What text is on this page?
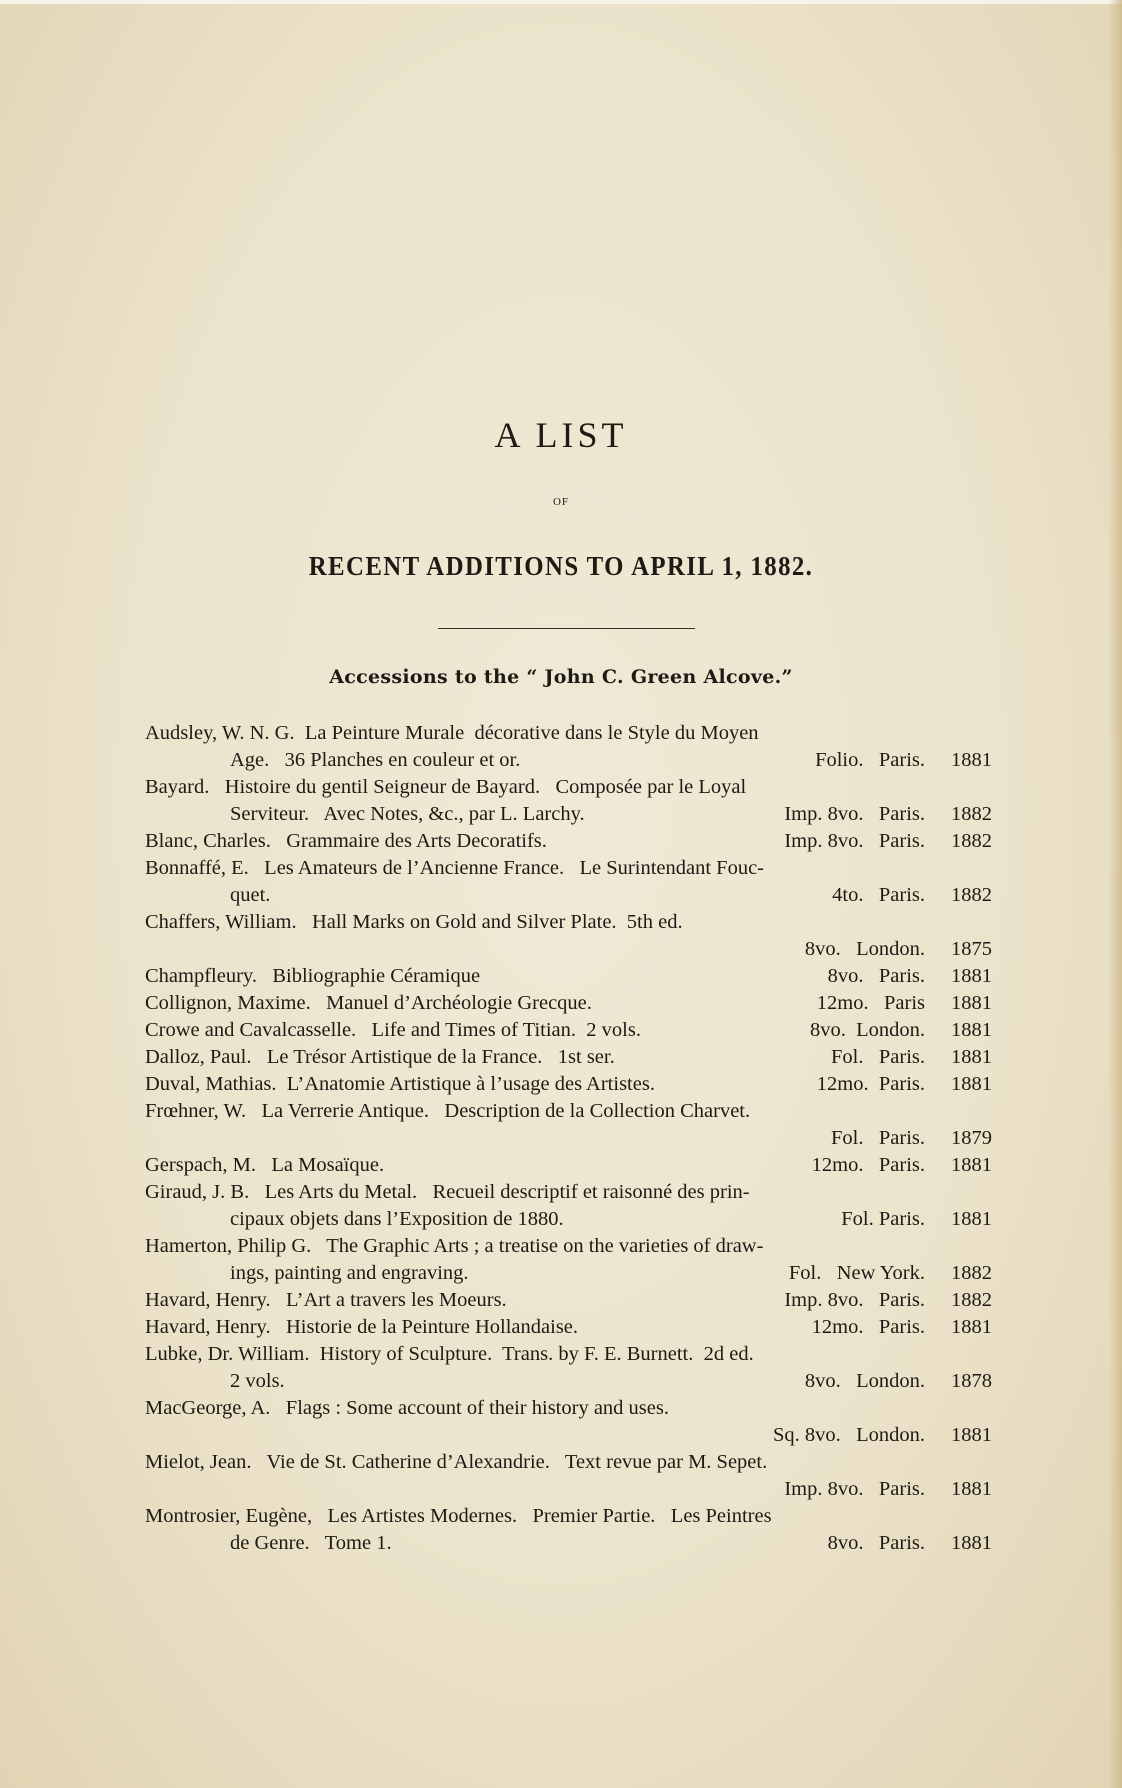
A LIST
OF
RECENT ADDITIONS TO APRIL 1, 1882.
Accessions to the “ John C. Green Alcove.”
Audsley, W. N. G.  La Peinture Murale  décorative dans le Style du Moyen
Age.   36 Planches en couleur et or.	Folio.   Paris. 1881
Bayard.   Histoire du gentil Seigneur de Bayard.   Composée par le Loyal
Serviteur.   Avec Notes, &c., par L. Larchy.	Imp. 8vo.   Paris. 1882
Blanc, Charles.   Grammaire des Arts Decoratifs.	Imp. 8vo.   Paris. 1882
Bonnaffé, E.   Les Amateurs de l’Ancienne France.   Le Surintendant Fouc-
quet.	4to.   Paris. 1882
Chaffers, William.   Hall Marks on Gold and Silver Plate.  5th ed.
8vo.   London. 1875
Champfleury.   Bibliographie Céramique	8vo.   Paris. 1881
Collignon, Maxime.   Manuel d’Archéologie Grecque.	12mo.   Paris 1881
Crowe and Cavalcasselle.   Life and Times of Titian.  2 vols.	8vo.  London. 1881
Dalloz, Paul.   Le Trésor Artistique de la France.   1st ser.	Fol.   Paris. 1881
Duval, Mathias.  L’Anatomie Artistique à l’usage des Artistes.	12mo.  Paris. 1881
Frœhner, W.   La Verrerie Antique.   Description de la Collection Charvet.
Fol.   Paris. 1879
Gerspach, M.   La Mosaïque.	12mo.   Paris. 1881
Giraud, J. B.   Les Arts du Metal.   Recueil descriptif et raisonné des prin-
cipaux objets dans l’Exposition de 1880.	Fol. Paris. 1881
Hamerton, Philip G.   The Graphic Arts ; a treatise on the varieties of draw-
ings, painting and engraving.	Fol.   New York. 1882
Havard, Henry.   L’Art a travers les Moeurs.	Imp. 8vo.   Paris. 1882
Havard, Henry.   Historie de la Peinture Hollandaise.	12mo.   Paris. 1881
Lubke, Dr. William.  History of Sculpture.  Trans. by F. E. Burnett.  2d ed.
2 vols.	8vo.   London. 1878
MacGeorge, A.   Flags : Some account of their history and uses.
Sq. 8vo.   London. 1881
Mielot, Jean.   Vie de St. Catherine d’Alexandrie.   Text revue par M. Sepet.
Imp. 8vo.   Paris. 1881
Montrosier, Eugène,   Les Artistes Modernes.   Premier Partie.   Les Peintres
de Genre.   Tome 1.	8vo.   Paris. 1881
